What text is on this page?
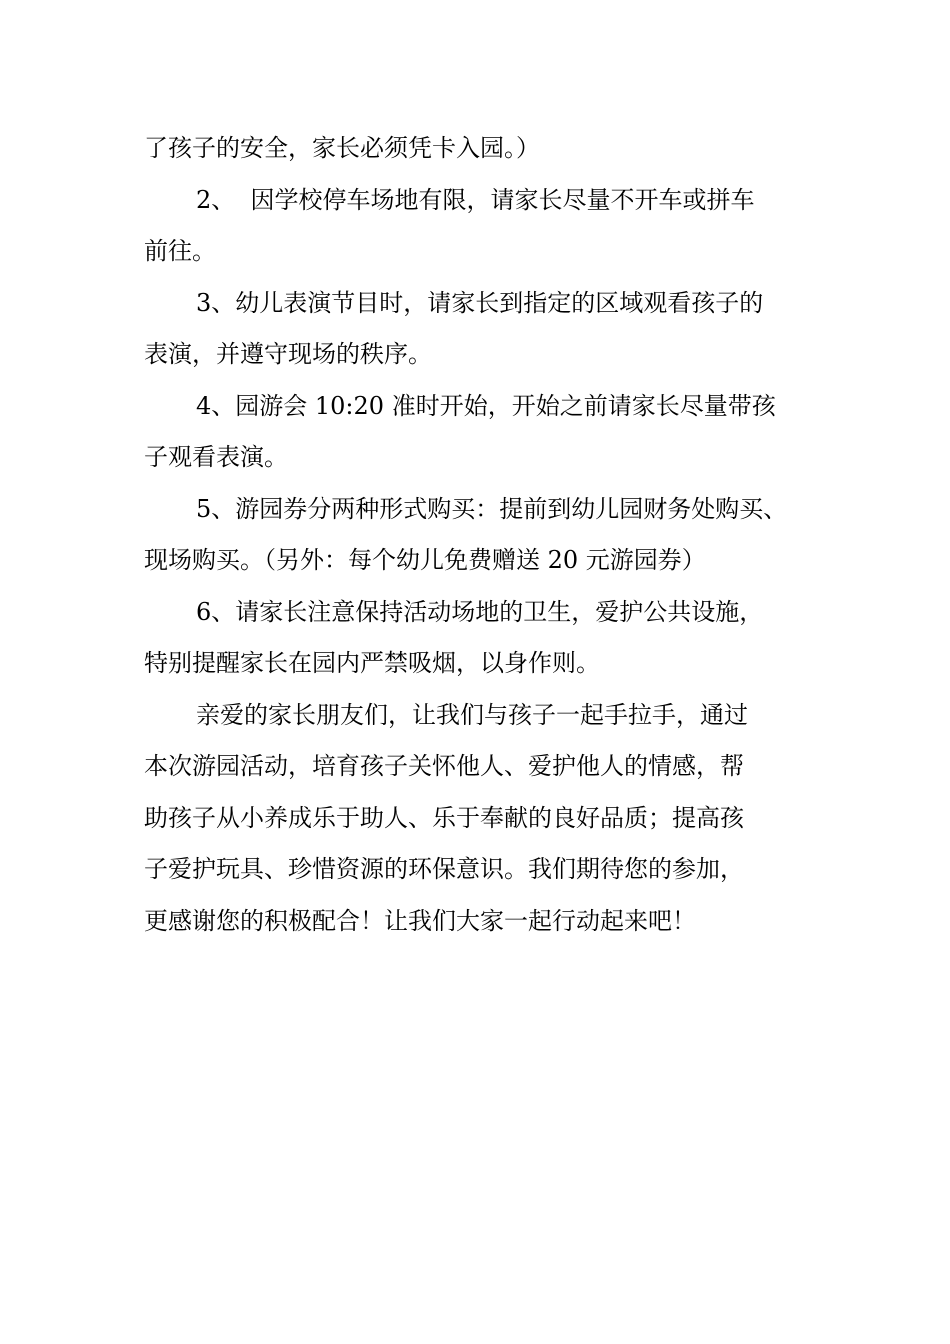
了孩子的安全，家长必须凭卡入园。）
2、  因学校停车场地有限，请家长尽量不开车或拼车
前往。
3、幼儿表演节目时，请家长到指定的区域观看孩子的
表演，并遵守现场的秩序。
4、园游会 10:20 准时开始，开始之前请家长尽量带孩
子观看表演。
5、游园券分两种形式购买：提前到幼儿园财务处购买、
现场购买。（另外：每个幼儿免费赠送 20 元游园券）
6、请家长注意保持活动场地的卫生，爱护公共设施，
特别提醒家长在园内严禁吸烟，以身作则。
亲爱的家长朋友们，让我们与孩子一起手拉手，通过
本次游园活动，培育孩子关怀他人、爱护他人的情感，帮
助孩子从小养成乐于助人、乐于奉献的良好品质；提高孩
子爱护玩具、珍惜资源的环保意识。我们期待您的参加，
更感谢您的积极配合！让我们大家一起行动起来吧！
